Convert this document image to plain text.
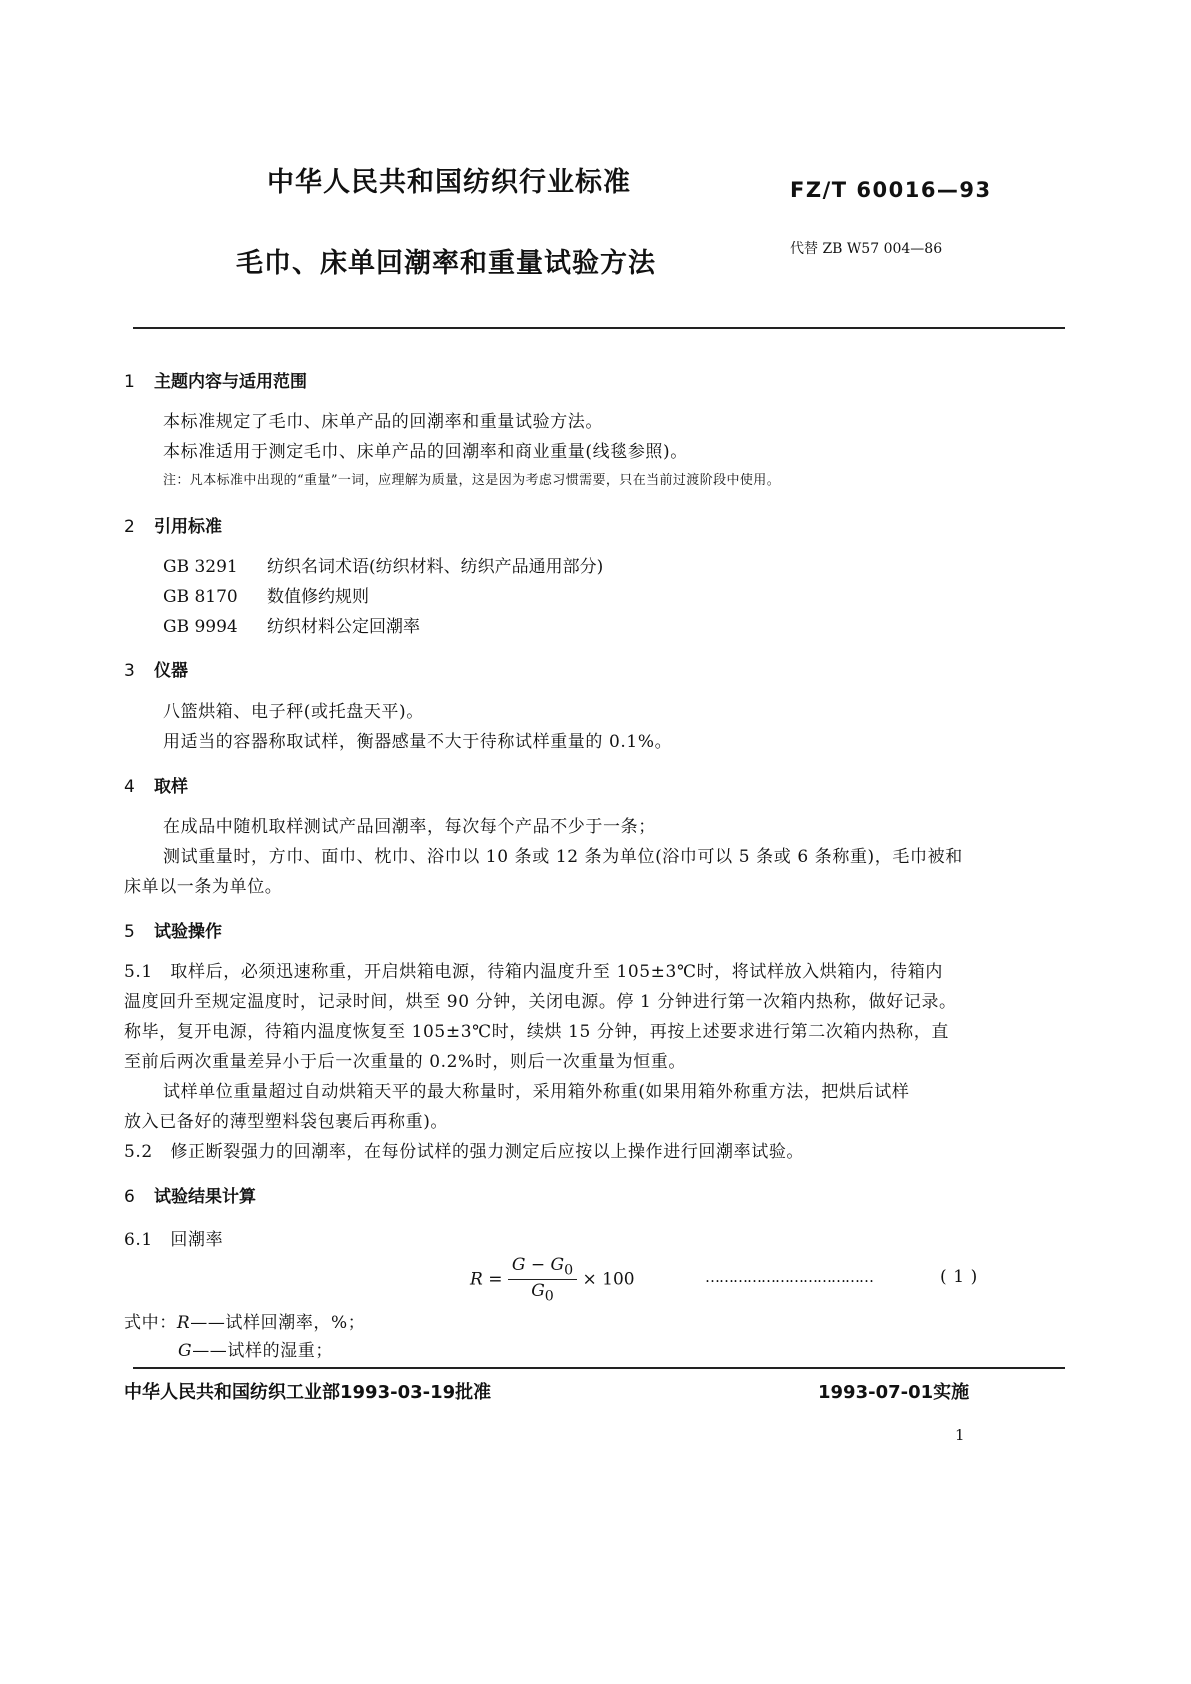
中华人民共和国纺织行业标准	FZ/T 60016—93
毛巾、床单回潮率和重量试验方法	代替 ZB W57 004—86
1 主题内容与适用范围
本标准规定了毛巾、床单产品的回潮率和重量试验方法。
本标准适用于测定毛巾、床单产品的回潮率和商业重量(线毯参照)。
注：凡本标准中出现的“重量”一词，应理解为质量，这是因为考虑习惯需要，只在当前过渡阶段中使用。
2 引用标准
GB 3291 纺织名词术语(纺织材料、纺织产品通用部分)
GB 8170 数值修约规则
GB 9994 纺织材料公定回潮率
3 仪器
八篮烘箱、电子秤(或托盘天平)。
用适当的容器称取试样，衡器感量不大于待称试样重量的 0.1%。
4 取样
在成品中随机取样测试产品回潮率，每次每个产品不少于一条；
测试重量时，方巾、面巾、枕巾、浴巾以 10 条或 12 条为单位(浴巾可以 5 条或 6 条称重)，毛巾被和
床单以一条为单位。
5 试验操作
5.1　取样后，必须迅速称重，开启烘箱电源，待箱内温度升至 105±3℃时，将试样放入烘箱内，待箱内
温度回升至规定温度时，记录时间，烘至 90 分钟，关闭电源。停 1 分钟进行第一次箱内热称，做好记录。
称毕，复开电源，待箱内温度恢复至 105±3℃时，续烘 15 分钟，再按上述要求进行第二次箱内热称，直
至前后两次重量差异小于后一次重量的 0.2%时，则后一次重量为恒重。
试样单位重量超过自动烘箱天平的最大称量时，采用箱外称重(如果用箱外称重方法，把烘后试样
放入已备好的薄型塑料袋包裹后再称重)。
5.2　修正断裂强力的回潮率，在每份试样的强力测定后应按以上操作进行回潮率试验。
6 试验结果计算
6.1　回潮率
$R = \frac{G - G_0}{G_0} \times 100$	………………………………	( 1 )
式中：R——试样回潮率，%；
G——试样的湿重；
中华人民共和国纺织工业部1993-03-19批准	1993-07-01实施
1
